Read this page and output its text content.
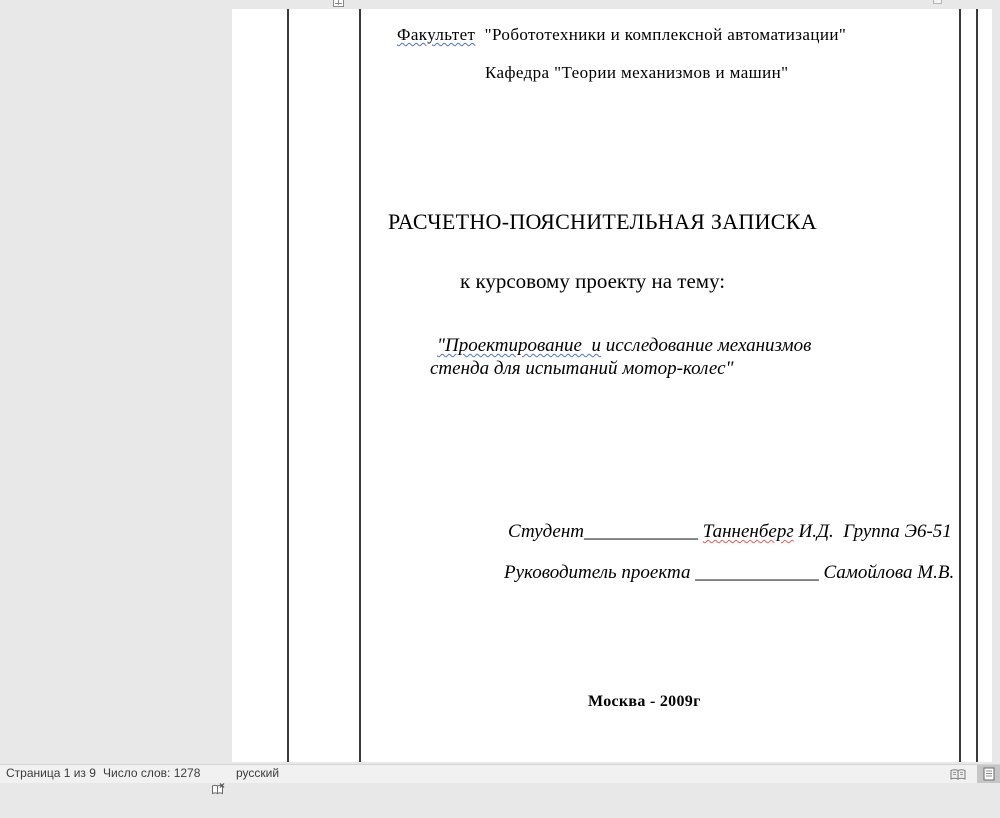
Факультет  "Робототехники и комплексной автоматизации"
Кафедра "Теории механизмов и машин"
РАСЧЕТНО-ПОЯСНИТЕЛЬНАЯ ЗАПИСКА
к курсовому проекту на тему:
"Проектирование  и исследование механизмов
стенда для испытаний мотор-колес"
Студент____________ Танненберг И.Д.  Группа Э6-51
Руководитель проекта _____________ Самойлова М.В.
Москва - 2009г
Страница 1 из 9 Число слов: 1278

	русский
